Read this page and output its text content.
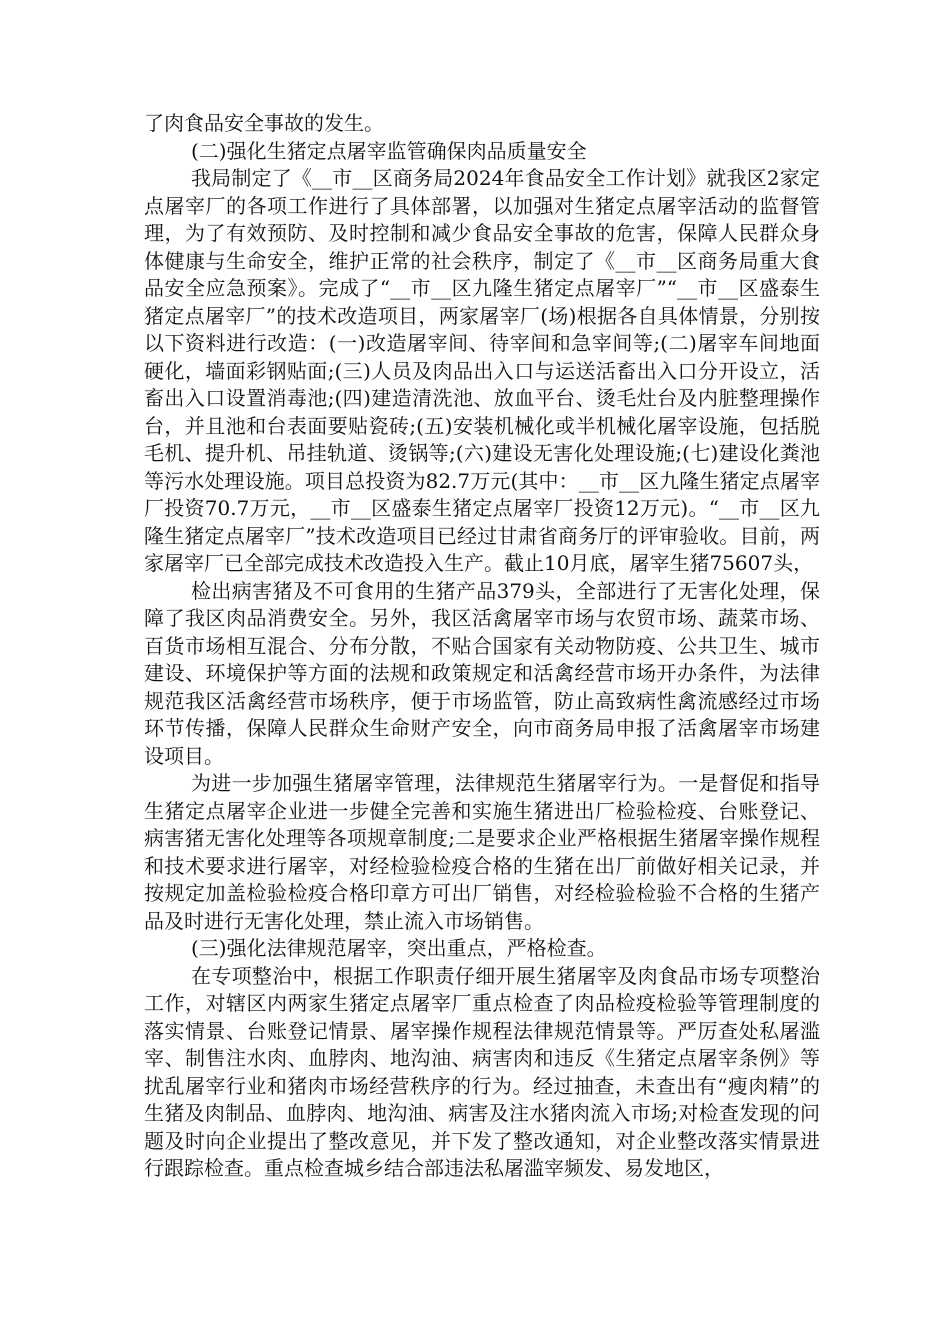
了肉食品安全事故的发生。

(二)强化生猪定点屠宰监管确保肉品质量安全

我局制定了《__市__区商务局2024年食品安全工作计划》就我区2家定点屠宰厂的各项工作进行了具体部署，以加强对生猪定点屠宰活动的监督管理，为了有效预防、及时控制和减少食品安全事故的危害，保障人民群众身体健康与生命安全，维护正常的社会秩序，制定了《__市__区商务局重大食品安全应急预案》。完成了“__市__区九隆生猪定点屠宰厂”“__市__区盛泰生猪定点屠宰厂”的技术改造项目，两家屠宰厂(场)根据各自具体情景，分别按以下资料进行改造：(一)改造屠宰间、待宰间和急宰间等;(二)屠宰车间地面硬化，墙面彩钢贴面;(三)人员及肉品出入口与运送活畜出入口分开设立，活畜出入口设置消毒池;(四)建造清洗池、放血平台、烫毛灶台及内脏整理操作台，并且池和台表面要贴瓷砖;(五)安装机械化或半机械化屠宰设施，包括脱毛机、提升机、吊挂轨道、烫锅等;(六)建设无害化处理设施;(七)建设化粪池等污水处理设施。项目总投资为82.7万元(其中：__市__区九隆生猪定点屠宰厂投资70.7万元，__市__区盛泰生猪定点屠宰厂投资12万元)。“__市__区九隆生猪定点屠宰厂”技术改造项目已经过甘肃省商务厅的评审验收。目前，两家屠宰厂已全部完成技术改造投入生产。截止10月底，屠宰生猪75607头，

检出病害猪及不可食用的生猪产品379头，全部进行了无害化处理，保障了我区肉品消费安全。另外，我区活禽屠宰市场与农贸市场、蔬菜市场、百货市场相互混合、分布分散，不贴合国家有关动物防疫、公共卫生、城市建设、环境保护等方面的法规和政策规定和活禽经营市场开办条件，为法律规范我区活禽经营市场秩序，便于市场监管，防止高致病性禽流感经过市场环节传播，保障人民群众生命财产安全，向市商务局申报了活禽屠宰市场建设项目。

为进一步加强生猪屠宰管理，法律规范生猪屠宰行为。一是督促和指导生猪定点屠宰企业进一步健全完善和实施生猪进出厂检验检疫、台账登记、病害猪无害化处理等各项规章制度;二是要求企业严格根据生猪屠宰操作规程和技术要求进行屠宰，对经检验检疫合格的生猪在出厂前做好相关记录，并按规定加盖检验检疫合格印章方可出厂销售，对经检验检验不合格的生猪产品及时进行无害化处理，禁止流入市场销售。

(三)强化法律规范屠宰，突出重点，严格检查。

在专项整治中，根据工作职责仔细开展生猪屠宰及肉食品市场专项整治工作，对辖区内两家生猪定点屠宰厂重点检查了肉品检疫检验等管理制度的落实情景、台账登记情景、屠宰操作规程法律规范情景等。严厉查处私屠滥宰、制售注水肉、血脖肉、地沟油、病害肉和违反《生猪定点屠宰条例》等扰乱屠宰行业和猪肉市场经营秩序的行为。经过抽查，未查出有“瘦肉精”的生猪及肉制品、血脖肉、地沟油、病害及注水猪肉流入市场;对检查发现的问题及时向企业提出了整改意见，并下发了整改通知，对企业整改落实情景进行跟踪检查。重点检查城乡结合部违法私屠滥宰频发、易发地区，
